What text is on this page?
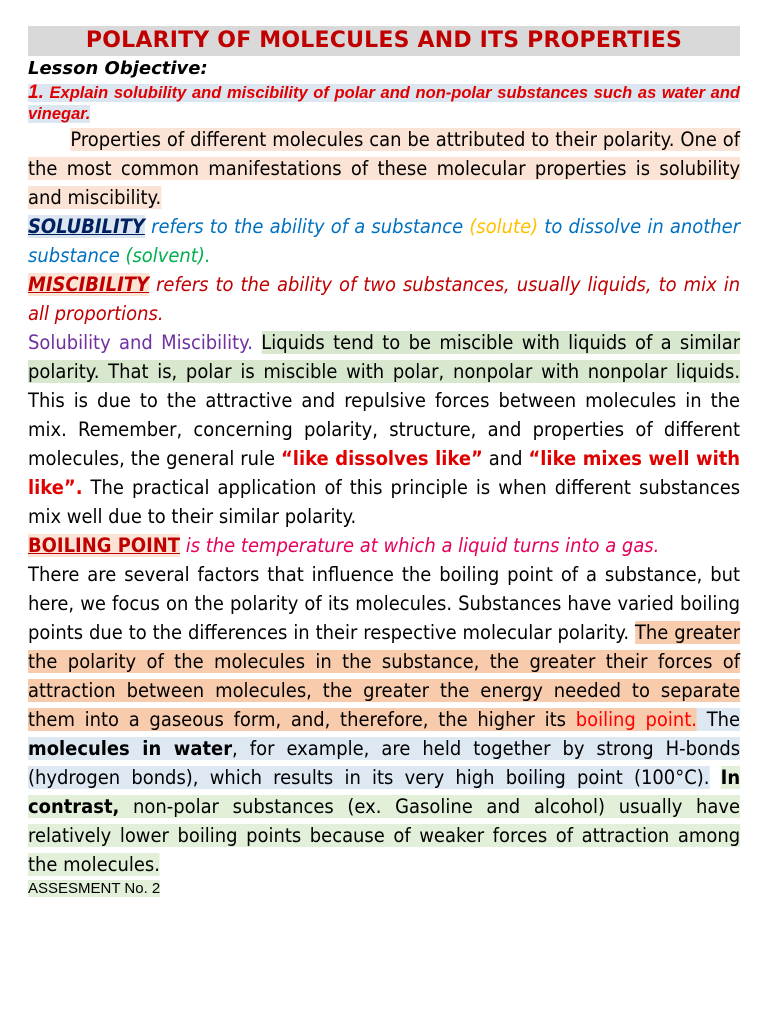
POLARITY OF MOLECULES AND ITS PROPERTIES
Lesson Objective:
1. Explain solubility and miscibility of polar and non-polar substances such as water and vinegar.
Properties of different molecules can be attributed to their polarity. One of the most common manifestations of these molecular properties is solubility and miscibility.
SOLUBILITY refers to the ability of a substance (solute) to dissolve in another substance (solvent).
MISCIBILITY refers to the ability of two substances, usually liquids, to mix in all proportions.
Solubility and Miscibility. Liquids tend to be miscible with liquids of a similar polarity. That is, polar is miscible with polar, nonpolar with nonpolar liquids. This is due to the attractive and repulsive forces between molecules in the mix. Remember, concerning polarity, structure, and properties of different molecules, the general rule “like dissolves like” and “like mixes well with like”. The practical application of this principle is when different substances mix well due to their similar polarity.
BOILING POINT is the temperature at which a liquid turns into a gas.
There are several factors that influence the boiling point of a substance, but here, we focus on the polarity of its molecules. Substances have varied boiling points due to the differences in their respective molecular polarity. The greater the polarity of the molecules in the substance, the greater their forces of attraction between molecules, the greater the energy needed to separate them into a gaseous form, and, therefore, the higher its boiling point. The molecules in water, for example, are held together by strong H-bonds (hydrogen bonds), which results in its very high boiling point (100°C). In contrast, non-polar substances (ex. Gasoline and alcohol) usually have relatively lower boiling points because of weaker forces of attraction among the molecules.
ASSESMENT No. 2
